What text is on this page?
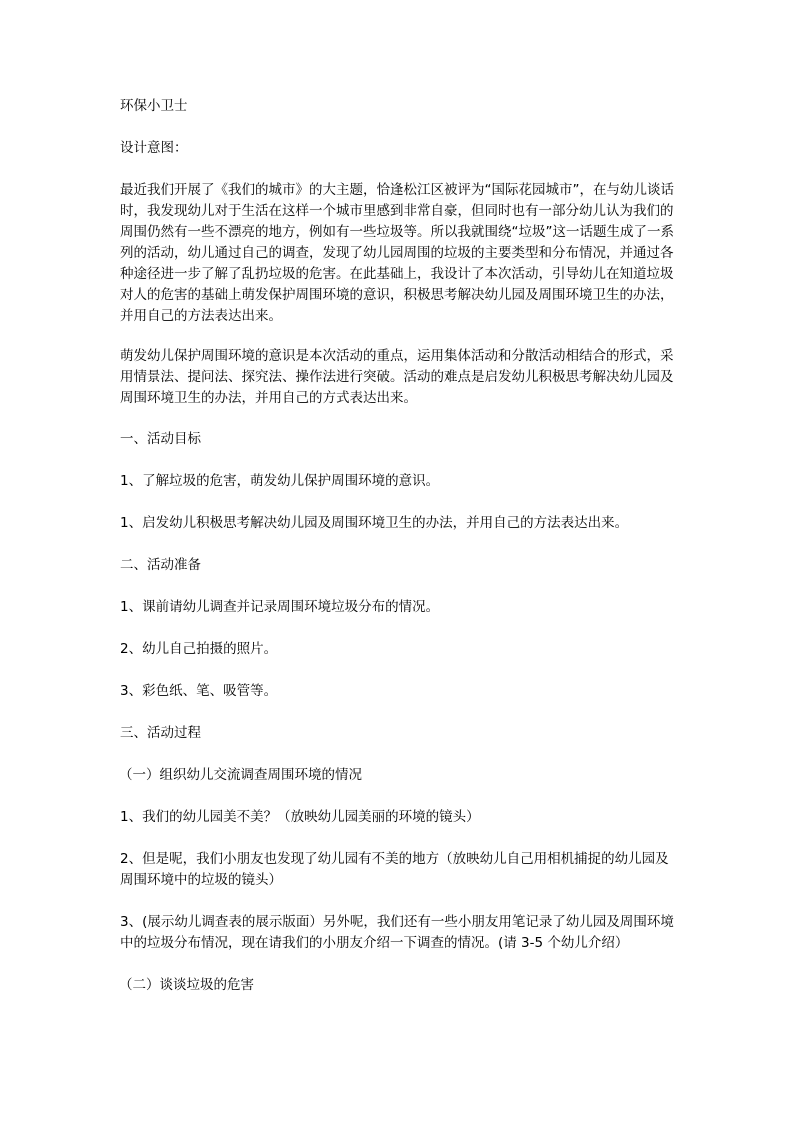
环保小卫士

设计意图：

最近我们开展了《我们的城市》的大主题，恰逢松江区被评为“国际花园城市”，在与幼儿谈话时，我发现幼儿对于生活在这样一个城市里感到非常自豪，但同时也有一部分幼儿认为我们的周围仍然有一些不漂亮的地方，例如有一些垃圾等。所以我就围绕“垃圾”这一话题生成了一系列的活动，幼儿通过自己的调查，发现了幼儿园周围的垃圾的主要类型和分布情况，并通过各种途径进一步了解了乱扔垃圾的危害。在此基础上，我设计了本次活动，引导幼儿在知道垃圾对人的危害的基础上萌发保护周围环境的意识，积极思考解决幼儿园及周围环境卫生的办法，并用自己的方法表达出来。

萌发幼儿保护周围环境的意识是本次活动的重点，运用集体活动和分散活动相结合的形式，采用情景法、提问法、探究法、操作法进行突破。活动的难点是启发幼儿积极思考解决幼儿园及周围环境卫生的办法，并用自己的方式表达出来。

一、活动目标

1、了解垃圾的危害，萌发幼儿保护周围环境的意识。

1、启发幼儿积极思考解决幼儿园及周围环境卫生的办法，并用自己的方法表达出来。

二、活动准备

1、课前请幼儿调查并记录周围环境垃圾分布的情况。

2、幼儿自己拍摄的照片。

3、彩色纸、笔、吸管等。

三、活动过程

（一）组织幼儿交流调查周围环境的情况

1、我们的幼儿园美不美？（放映幼儿园美丽的环境的镜头）

2、但是呢，我们小朋友也发现了幼儿园有不美的地方（放映幼儿自己用相机捕捉的幼儿园及周围环境中的垃圾的镜头）

3、(展示幼儿调查表的展示版面）另外呢，我们还有一些小朋友用笔记录了幼儿园及周围环境中的垃圾分布情况，现在请我们的小朋友介绍一下调查的情况。(请 3-5 个幼儿介绍）

（二）谈谈垃圾的危害
